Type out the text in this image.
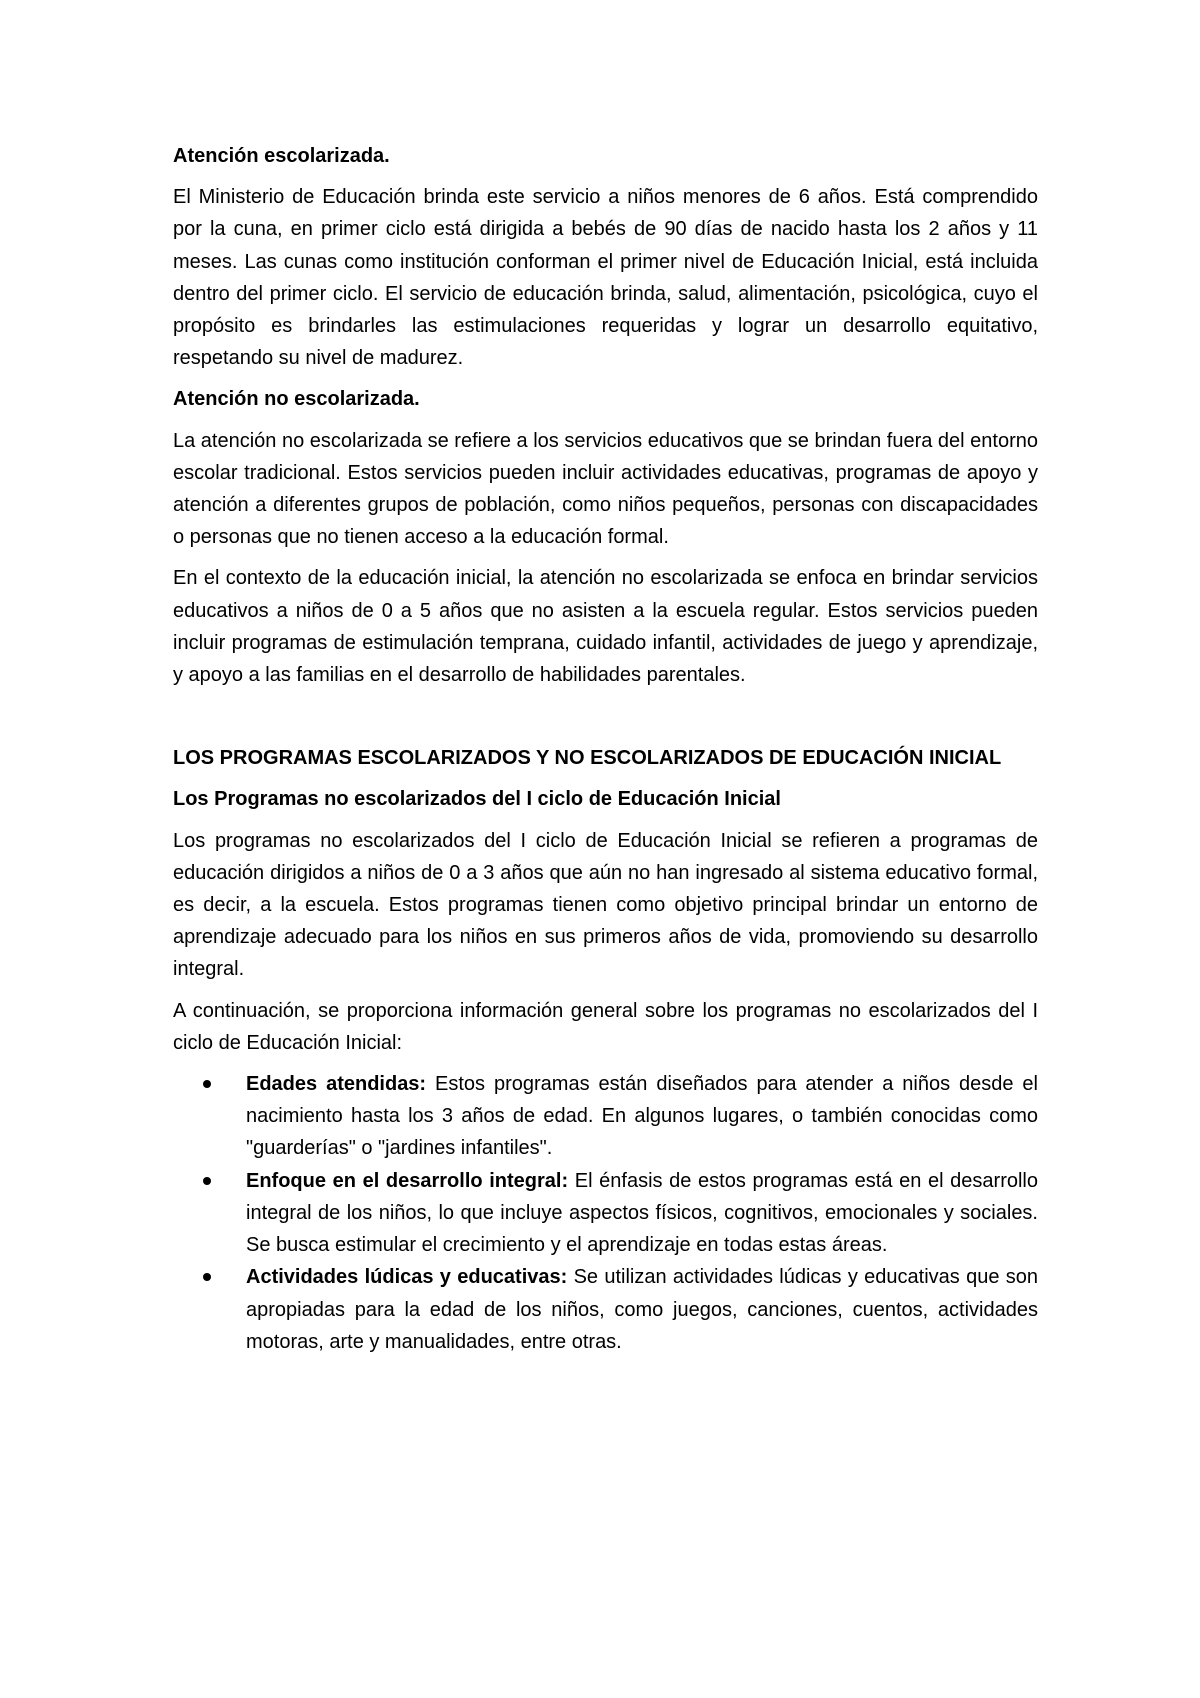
Atención escolarizada.

El Ministerio de Educación brinda este servicio a niños menores de 6 años. Está comprendido por la cuna, en primer ciclo está dirigida a bebés de 90 días de nacido hasta los 2 años y 11 meses. Las cunas como institución conforman el primer nivel de Educación Inicial, está incluida dentro del primer ciclo. El servicio de educación brinda, salud, alimentación, psicológica, cuyo el propósito es brindarles las estimulaciones requeridas y lograr un desarrollo equitativo, respetando su nivel de madurez.

Atención no escolarizada.

La atención no escolarizada se refiere a los servicios educativos que se brindan fuera del entorno escolar tradicional. Estos servicios pueden incluir actividades educativas, programas de apoyo y atención a diferentes grupos de población, como niños pequeños, personas con discapacidades o personas que no tienen acceso a la educación formal.

En el contexto de la educación inicial, la atención no escolarizada se enfoca en brindar servicios educativos a niños de 0 a 5 años que no asisten a la escuela regular. Estos servicios pueden incluir programas de estimulación temprana, cuidado infantil, actividades de juego y aprendizaje, y apoyo a las familias en el desarrollo de habilidades parentales.

LOS PROGRAMAS ESCOLARIZADOS Y NO ESCOLARIZADOS DE EDUCACIÓN INICIAL
Los Programas no escolarizados del I ciclo de Educación Inicial

Los programas no escolarizados del I ciclo de Educación Inicial se refieren a programas de educación dirigidos a niños de 0 a 3 años que aún no han ingresado al sistema educativo formal, es decir, a la escuela. Estos programas tienen como objetivo principal brindar un entorno de aprendizaje adecuado para los niños en sus primeros años de vida, promoviendo su desarrollo integral.

A continuación, se proporciona información general sobre los programas no escolarizados del I ciclo de Educación Inicial:

Edades atendidas: Estos programas están diseñados para atender a niños desde el nacimiento hasta los 3 años de edad. En algunos lugares, o también conocidas como "guarderías" o "jardines infantiles".
Enfoque en el desarrollo integral: El énfasis de estos programas está en el desarrollo integral de los niños, lo que incluye aspectos físicos, cognitivos, emocionales y sociales. Se busca estimular el crecimiento y el aprendizaje en todas estas áreas.
Actividades lúdicas y educativas: Se utilizan actividades lúdicas y educativas que son apropiadas para la edad de los niños, como juegos, canciones, cuentos, actividades motoras, arte y manualidades, entre otras.
